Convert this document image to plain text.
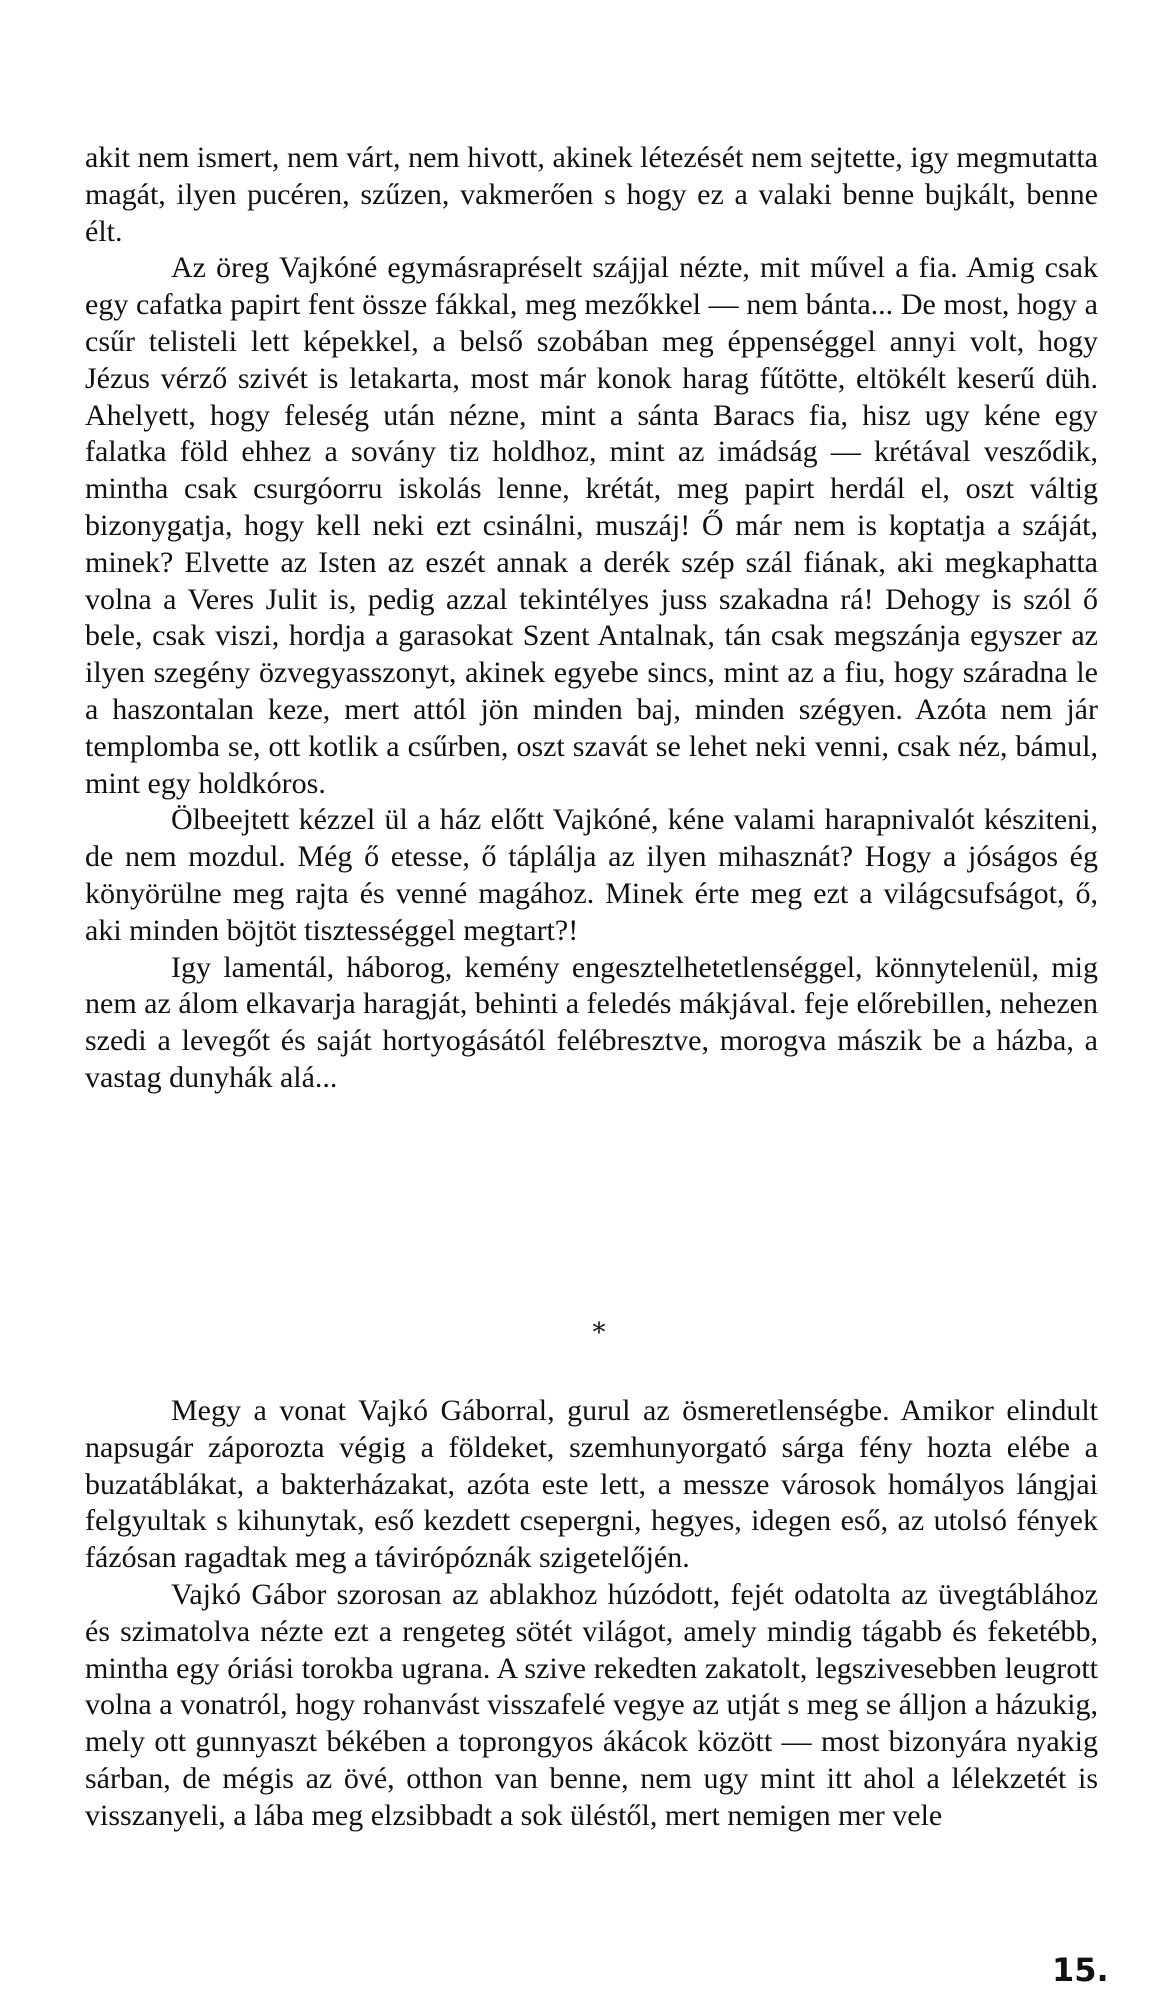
akit nem ismert, nem várt, nem hivott, akinek létezését nem sejtette, igy megmutatta magát, ilyen pucéren, szűzen, vakmerően s hogy ez a valaki benne bujkált, benne élt.

Az öreg Vajkóné egymásrapréselt szájjal nézte, mit művel a fia. Amig csak egy cafatka papirt fent össze fákkal, meg mezőkkel — nem bánta... De most, hogy a csűr telisteli lett képekkel, a belső szobában meg éppenséggel annyi volt, hogy Jézus vérző szivét is letakarta, most már konok harag fűtötte, eltökélt keserű düh. Ahelyett, hogy feleség után nézne, mint a sánta Baracs fia, hisz ugy kéne egy falatka föld ehhez a sovány tiz holdhoz, mint az imádság — krétával vesződik, mintha csak csurgóorru iskolás lenne, krétát, meg papirt herdál el, oszt váltig bizonygatja, hogy kell neki ezt csinálni, muszáj! Ő már nem is koptatja a száját, minek? Elvette az Isten az eszét annak a derék szép szál fiának, aki megkaphatta volna a Veres Julit is, pedig azzal tekintélyes juss szakadna rá! Dehogy is szól ő bele, csak viszi, hordja a garasokat Szent Antalnak, tán csak megszánja egyszer az ilyen szegény özvegyasszonyt, akinek egyebe sincs, mint az a fiu, hogy száradna le a haszontalan keze, mert attól jön minden baj, minden szégyen. Azóta nem jár templomba se, ott kotlik a csűrben, oszt szavát se lehet neki venni, csak néz, bámul, mint egy holdkóros.

Ölbeejtett kézzel ül a ház előtt Vajkóné, kéne valami harapnivalót késziteni, de nem mozdul. Még ő etesse, ő táplálja az ilyen mihasznát? Hogy a jóságos ég könyörülne meg rajta és venné magához. Minek érte meg ezt a világcsufságot, ő, aki minden böjtöt tisztességgel megtart?!

Igy lamentál, háborog, kemény engesztelhetetlenséggel, könnytelenül, mig nem az álom elkavarja haragját, behinti a feledés mákjával. feje előrebillen, nehezen szedi a levegőt és saját hortyogásától felébresztve, morogva mászik be a házba, a vastag dunyhák alá...

*

Megy a vonat Vajkó Gáborral, gurul az ösmeretlenségbe. Amikor elindult napsugár záporozta végig a földeket, szemhunyorgató sárga fény hozta elébe a buzatáblákat, a bakterházakat, azóta este lett, a messze városok homályos lángjai felgyultak s kihunytak, eső kezdett csepergni, hegyes, idegen eső, az utolsó fények fázósan ragadtak meg a távirópóznák szigetelőjén.

Vajkó Gábor szorosan az ablakhoz húzódott, fejét odatolta az üvegtáblához és szimatolva nézte ezt a rengeteg sötét világot, amely mindig tágabb és feketébb, mintha egy óriási torokba ugrana. A szive rekedten zakatolt, legszivesebben leugrott volna a vonatról, hogy rohanvást visszafelé vegye az utját s meg se álljon a házukig, mely ott gunnyaszt békében a toprongyos ákácok között — most bizonyára nyakig sárban, de mégis az övé, otthon van benne, nem ugy mint itt ahol a lélekzetét is visszanyeli, a lába meg elzsibbadt a sok üléstől, mert nemigen mer vele

15.
